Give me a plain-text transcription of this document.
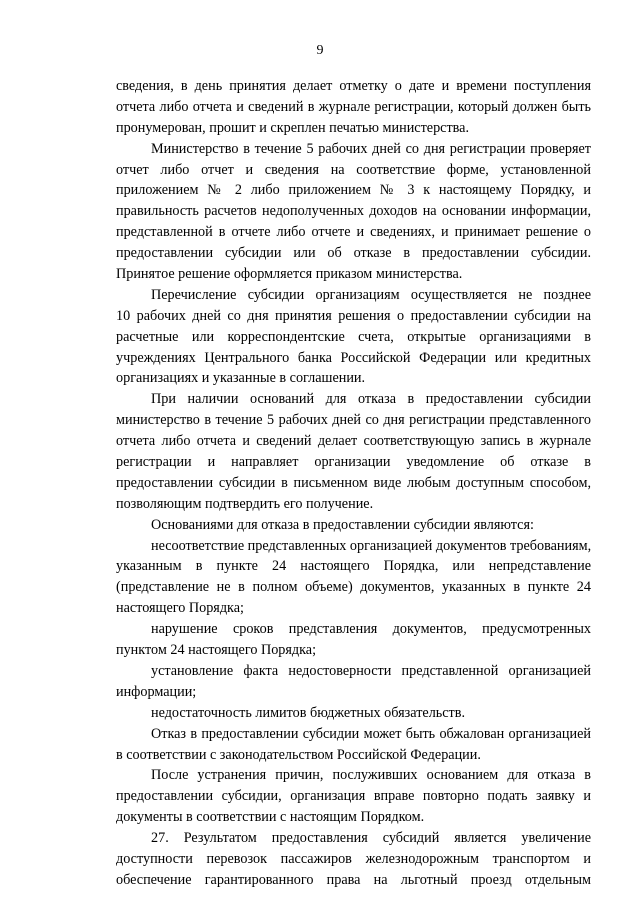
9
сведения, в день принятия делает отметку о дате и времени поступления
отчета либо отчета и сведений в журнале регистрации, который должен быть
пронумерован, прошит и скреплен печатью министерства.
Министерство в течение 5 рабочих дней со дня регистрации проверяет
отчет либо отчет и сведения на соответствие форме, установленной
приложением № 2 либо приложением № 3 к настоящему Порядку, и
правильность расчетов недополученных доходов на основании информации,
представленной в отчете либо отчете и сведениях, и принимает решение о
предоставлении субсидии или об отказе в предоставлении субсидии.
Принятое решение оформляется приказом министерства.
Перечисление субсидии организациям осуществляется не позднее
10 рабочих дней со дня принятия решения о предоставлении субсидии на
расчетные или корреспондентские счета, открытые организациями в
учреждениях Центрального банка Российской Федерации или кредитных
организациях и указанные в соглашении.
При наличии оснований для отказа в предоставлении субсидии
министерство в течение 5 рабочих дней со дня регистрации представленного
отчета либо отчета и сведений делает соответствующую запись в журнале
регистрации и направляет организации уведомление об отказе в
предоставлении субсидии в письменном виде любым доступным способом,
позволяющим подтвердить его получение.
Основаниями для отказа в предоставлении субсидии являются:
несоответствие представленных организацией документов требованиям,
указанным в пункте 24 настоящего Порядка, или непредставление
(представление не в полном объеме) документов, указанных в пункте 24
настоящего Порядка;
нарушение сроков представления документов, предусмотренных
пунктом 24 настоящего Порядка;
установление факта недостоверности представленной организацией
информации;
недостаточность лимитов бюджетных обязательств.
Отказ в предоставлении субсидии может быть обжалован организацией
в соответствии с законодательством Российской Федерации.
После устранения причин, послуживших основанием для отказа в
предоставлении субсидии, организация вправе повторно подать заявку и
документы в соответствии с настоящим Порядком.
27. Результатом предоставления субсидий является увеличение
доступности перевозок пассажиров железнодорожным транспортом и
обеспечение гарантированного права на льготный проезд отдельным
